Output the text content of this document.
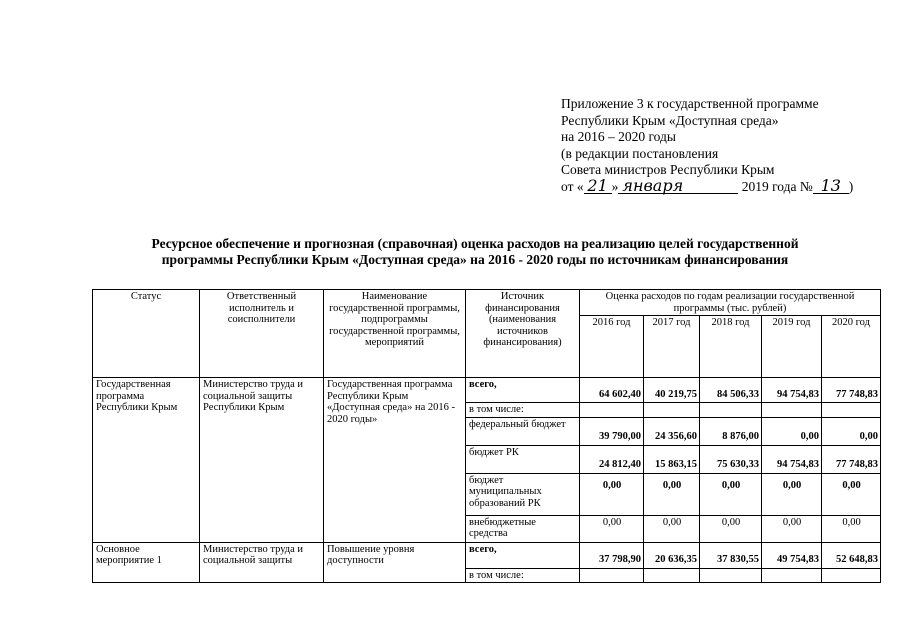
Приложение 3 к государственной программе
Республики Крым «Доступная среда»
на 2016 – 2020 годы
(в редакции постановления
Совета министров Республики Крым
от « 21 » января	2019 года № 13 )
Ресурсное обеспечение и прогнозная (справочная) оценка расходов на реализацию целей государственной
программы Республики Крым «Доступная среда» на 2016 - 2020 годы по источникам финансирования
Статус	Ответственный исполнитель и соисполнители	Наименование государственной программы, подпрограммы государственной программы, мероприятий	Источник финансирования (наименования источников финансирования)	Оценка расходов по годам реализации государственной программы (тыс. рублей)				
				2016 год	2017 год	2018 год	2019 год	2020 год
Государственная программа Республики Крым	Министерство труда и социальной защиты Республики Крым	Государственная программа Республики Крым «Доступная среда» на 2016 - 2020 годы»	всего,	64 602,40	40 219,75	84 506,33	94 754,83	77 748,83
			в том числе:					
			федеральный бюджет	39 790,00	24 356,60	8 876,00	0,00	0,00
			бюджет РК	24 812,40	15 863,15	75 630,33	94 754,83	77 748,83
			бюджет муниципальных образований РК	0,00	0,00	0,00	0,00	0,00
			внебюджетные средства	0,00	0,00	0,00	0,00	0,00
Основное мероприятие 1	Министерство труда и социальной защиты	Повышение уровня доступности	всего,	37 798,90	20 636,35	37 830,55	49 754,83	52 648,83
			в том числе:					
